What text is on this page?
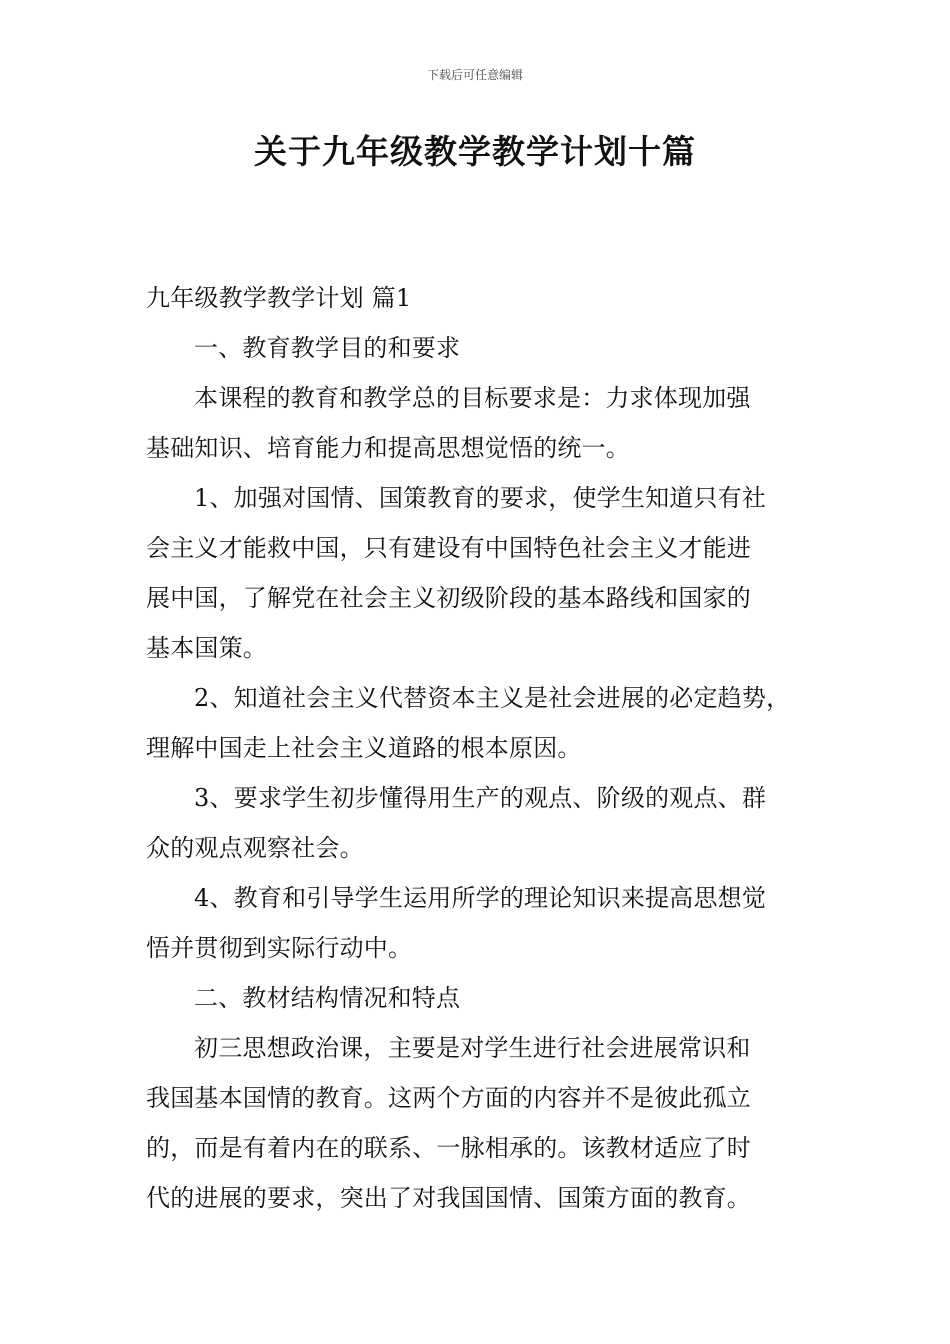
下载后可任意编辑
关于九年级教学教学计划十篇
九年级教学教学计划 篇1
一、教育教学目的和要求
本课程的教育和教学总的目标要求是：力求体现加强
基础知识、培育能力和提高思想觉悟的统一。
1、加强对国情、国策教育的要求，使学生知道只有社
会主义才能救中国，只有建设有中国特色社会主义才能进
展中国，了解党在社会主义初级阶段的基本路线和国家的
基本国策。
2、知道社会主义代替资本主义是社会进展的必定趋势，
理解中国走上社会主义道路的根本原因。
3、要求学生初步懂得用生产的观点、阶级的观点、群
众的观点观察社会。
4、教育和引导学生运用所学的理论知识来提高思想觉
悟并贯彻到实际行动中。
二、教材结构情况和特点
初三思想政治课，主要是对学生进行社会进展常识和
我国基本国情的教育。这两个方面的内容并不是彼此孤立
的，而是有着内在的联系、一脉相承的。该教材适应了时
代的进展的要求，突出了对我国国情、国策方面的教育。
